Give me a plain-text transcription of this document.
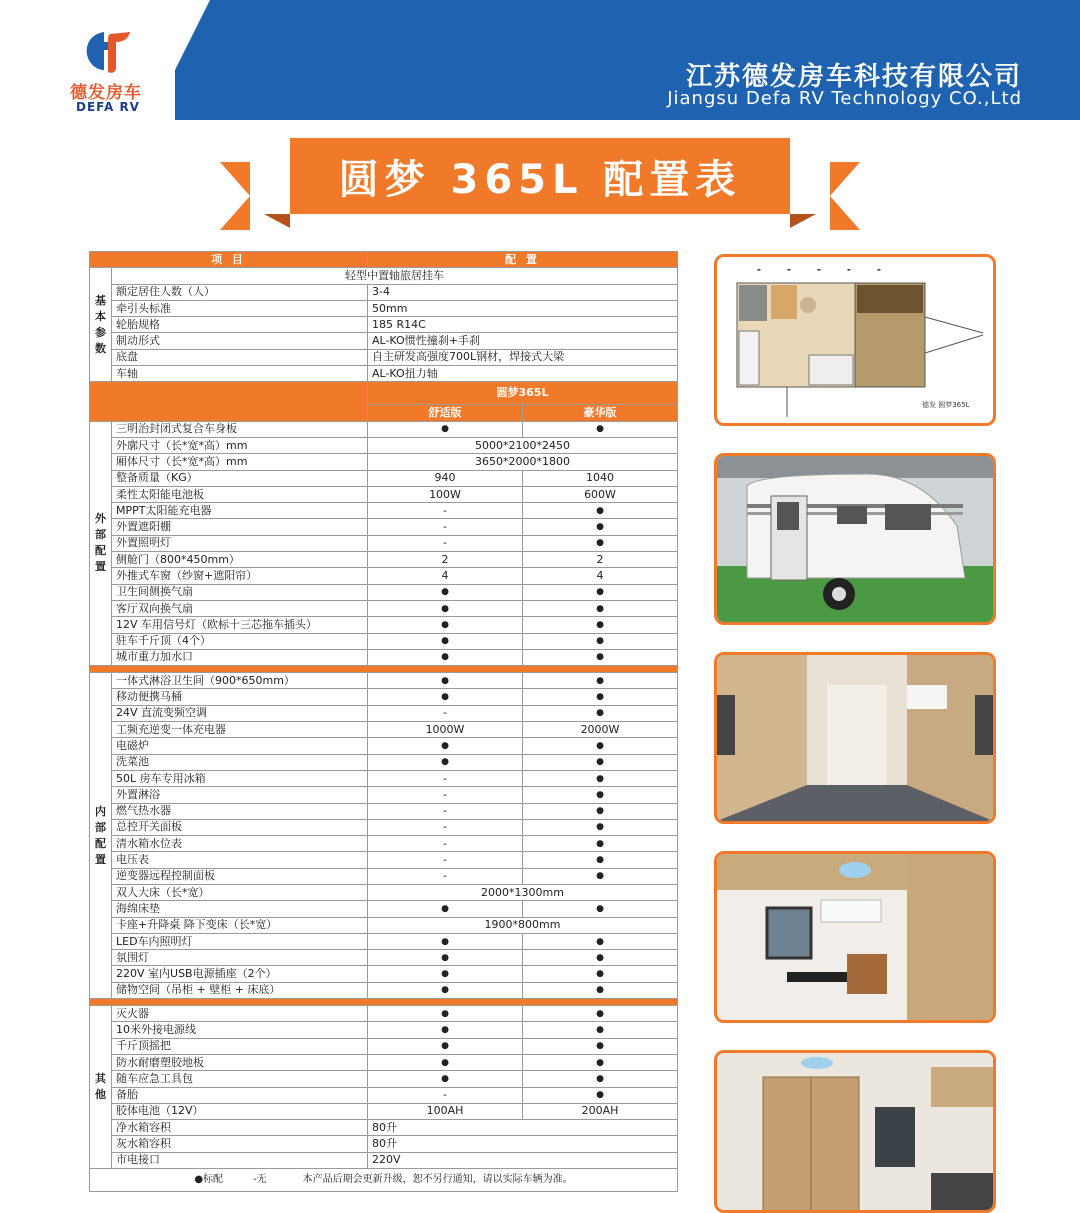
德发房车
DEFA RV
江苏德发房车科技有限公司
Jiangsu Defa RV Technology CO.,Ltd
圆梦 365L 配置表
项 目		配 置	
基本参数	轻型中置轴旅居挂车		
	额定居住人数（人）	3-4	
	牵引头标准	50mm	
	轮胎规格	185 R14C	
	制动形式	AL-KO惯性撞刹+手刹	
	底盘	自主研发高强度700L钢材，焊接式大梁	
	车轴	AL-KO扭力轴	
		圆梦365L	
		舒适版	豪华版
外部配置	三明治封闭式复合车身板	●	●
	外廓尺寸（长*宽*高）mm	5000*2100*2450	
	厢体尺寸（长*宽*高）mm	3650*2000*1800	
	整备质量（KG）	940	1040
	柔性太阳能电池板	100W	600W
	MPPT太阳能充电器	-	●
	外置遮阳棚	-	●
	外置照明灯	-	●
	侧舱门（800*450mm）	2	2
	外推式车窗（纱窗+遮阳帘）	4	4
	卫生间侧换气扇	●	●
	客厅双向换气扇	●	●
	12V 车用信号灯（欧标十三芯拖车插头）	●	●
	驻车千斤顶（4个）	●	●
	城市重力加水口	●	●

内部配置	一体式淋浴卫生间（900*650mm）	●	●
	移动便携马桶	●	●
	24V 直流变频空调	-	●
	工频充逆变一体充电器	1000W	2000W
	电磁炉	●	●
	洗菜池	●	●
	50L 房车专用冰箱	-	●
	外置淋浴	-	●
	燃气热水器	-	●
	总控开关面板	-	●
	清水箱水位表	-	●
	电压表	-	●
	逆变器远程控制面板	-	●
	双人大床（长*宽）	2000*1300mm	
	海绵床垫	●	●
	卡座+升降桌 降下变床（长*宽）	1900*800mm	
	LED车内照明灯	●	●
	氛围灯	●	●
	220V 室内USB电源插座（2个）	●	●
	储物空间（吊柜 + 壁柜 + 床底）	●	●

其他	灭火器	●	●
	10米外接电源线	●	●
	千斤顶摇把	●	●
	防水耐磨塑胶地板	●	●
	随车应急工具包	●	●
	备胎	-	●
	胶体电池（12V）	100AH	200AH
	净水箱容积	80升	
	灰水箱容积	80升	
	市电接口	220V	
●标配 -无 本产品后期会更新升级，恕不另行通知，请以实际车辆为准。			
▬	▬	▬	▬	▬
德发 圆梦365L
